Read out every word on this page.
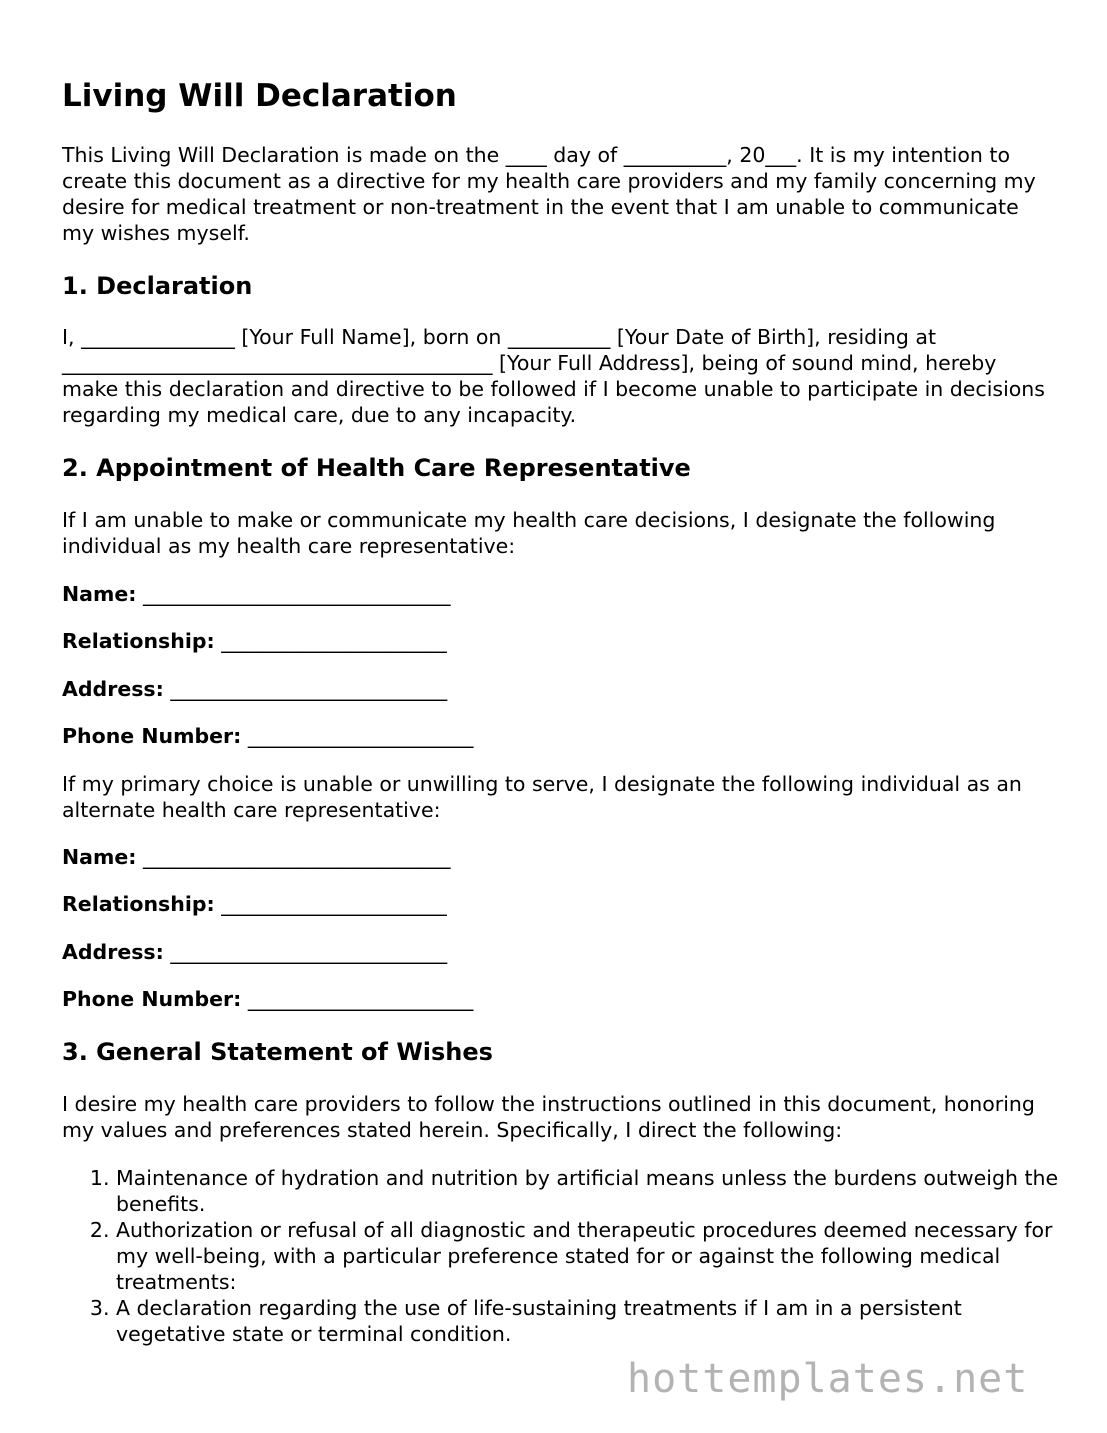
Living Will Declaration

This Living Will Declaration is made on the ____ day of __________, 20___. It is my intention to create this document as a directive for my health care providers and my family concerning my desire for medical treatment or non-treatment in the event that I am unable to communicate my wishes myself.

1. Declaration

I, _______________ [Your Full Name], born on __________ [Your Date of Birth], residing at __________________________________________ [Your Full Address], being of sound mind, hereby make this declaration and directive to be followed if I become unable to participate in decisions regarding my medical care, due to any incapacity.

2. Appointment of Health Care Representative

If I am unable to make or communicate my health care decisions, I designate the following individual as my health care representative:

Name: ______________________________
Relationship: ______________________
Address: ___________________________
Phone Number: ______________________

If my primary choice is unable or unwilling to serve, I designate the following individual as an alternate health care representative:

Name: ______________________________
Relationship: ______________________
Address: ___________________________
Phone Number: ______________________
3. General Statement of Wishes

I desire my health care providers to follow the instructions outlined in this document, honoring my values and preferences stated herein. Specifically, I direct the following:

1. Maintenance of hydration and nutrition by artificial means unless the burdens outweigh the benefits.
2. Authorization or refusal of all diagnostic and therapeutic procedures deemed necessary for my well-being, with a particular preference stated for or against the following medical treatments:
3. A declaration regarding the use of life-sustaining treatments if I am in a persistent vegetative state or terminal condition.
hottemplates.net
